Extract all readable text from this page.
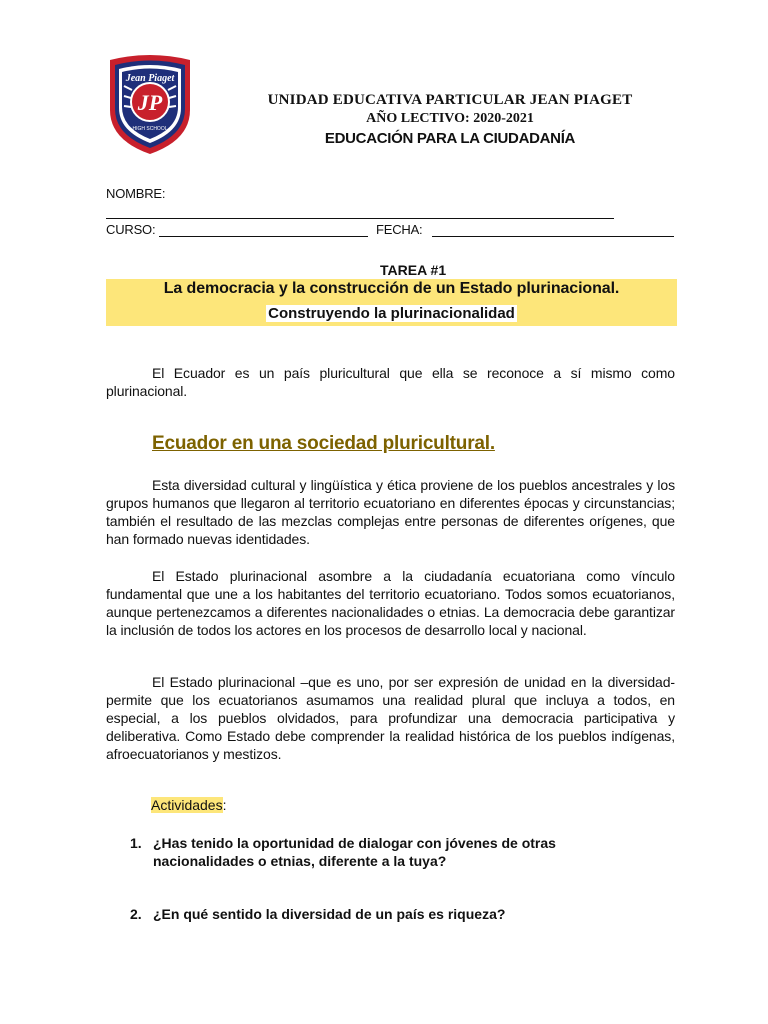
Jean Piaget
JP
HIGH SCHOOL
UNIDAD EDUCATIVA PARTICULAR JEAN PIAGET
AÑO LECTIVO: 2020-2021
EDUCACIÓN PARA LA CIUDADANÍA
NOMBRE:
CURSO:	FECHA:
TAREA #1
La democracia y la construcción de un Estado plurinacional.
Construyendo la plurinacionalidad
El Ecuador es un país pluricultural que ella se reconoce a sí mismo como plurinacional.
Ecuador en una sociedad pluricultural.
Esta diversidad cultural y lingüística y ética proviene de los pueblos ancestrales y los grupos humanos que llegaron al territorio ecuatoriano en diferentes épocas y circunstancias; también el resultado de las mezclas complejas entre personas de diferentes orígenes, que han formado nuevas identidades.
El Estado plurinacional asombre a la ciudadanía ecuatoriana como vínculo fundamental que une a los habitantes del territorio ecuatoriano. Todos somos ecuatorianos, aunque pertenezcamos a diferentes nacionalidades o etnias. La democracia debe garantizar la inclusión de todos los actores en los procesos de desarrollo local y nacional.
El Estado plurinacional –que es uno, por ser expresión de unidad en la diversidad- permite que los ecuatorianos asumamos una realidad plural que incluya a todos, en especial, a los pueblos olvidados, para profundizar una democracia participativa y deliberativa. Como Estado debe comprender la realidad histórica de los pueblos indígenas, afroecuatorianos y mestizos.
Actividades:
1. ¿Has tenido la oportunidad de dialogar con jóvenes de otras nacionalidades o etnias, diferente a la tuya?
2. ¿En qué sentido la diversidad de un país es riqueza?
